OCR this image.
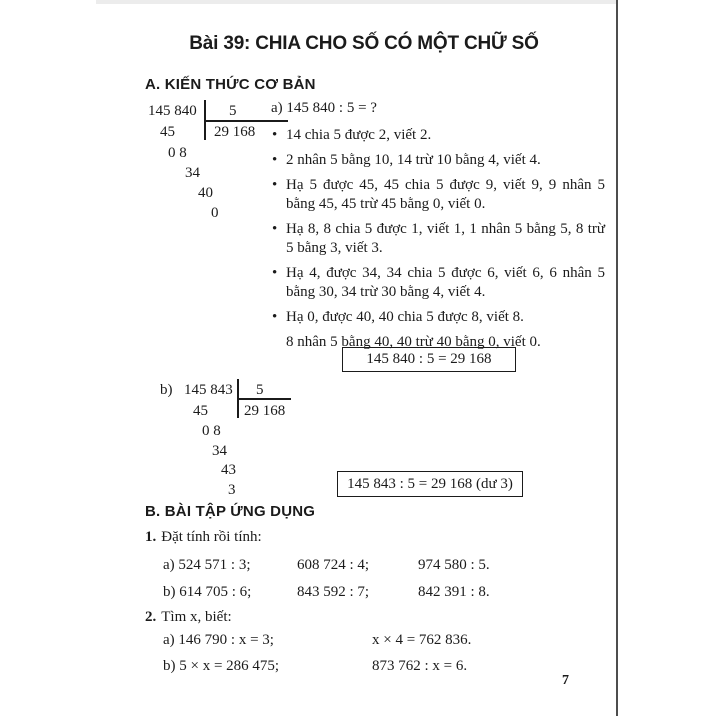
Bài 39: CHIA CHO SỐ CÓ MỘT CHỮ SỐ
A. KIẾN THỨC CƠ BẢN
145 840 5
45	29 168
0 8
34
40
0
a) 145 840 : 5 = ?
• 14 chia 5 được 2, viết 2.
• 2 nhân 5 bằng 10, 14 trừ 10 bằng 4, viết 4.
• Hạ 5 được 45, 45 chia 5 được 9, viết 9, 9 nhân 5 bằng 45, 45 trừ 45 bằng 0, viết 0.
• Hạ 8, 8 chia 5 được 1, viết 1, 1 nhân 5 bằng 5, 8 trừ 5 bằng 3, viết 3.
• Hạ 4, được 34, 34 chia 5 được 6, viết 6, 6 nhân 5 bằng 30, 34 trừ 30 bằng 4, viết 4.
• Hạ 0, được 40, 40 chia 5 được 8, viết 8.
8 nhân 5 bằng 40, 40 trừ 40 bằng 0, viết 0.
145 840 : 5 = 29 168
b) 145 843 5
45 29 168
0 8
34
43
3	145 843 : 5 = 29 168 (dư 3)
B. BÀI TẬP ỨNG DỤNG
1. Đặt tính rồi tính:
a) 524 571 : 3;	608 724 : 4;	974 580 : 5.
b) 614 705 : 6;	843 592 : 7;	842 391 : 8.
2. Tìm x, biết:
a) 146 790 : x = 3;	x × 4 = 762 836.
b) 5 × x = 286 475;	873 762 : x = 6.
7
